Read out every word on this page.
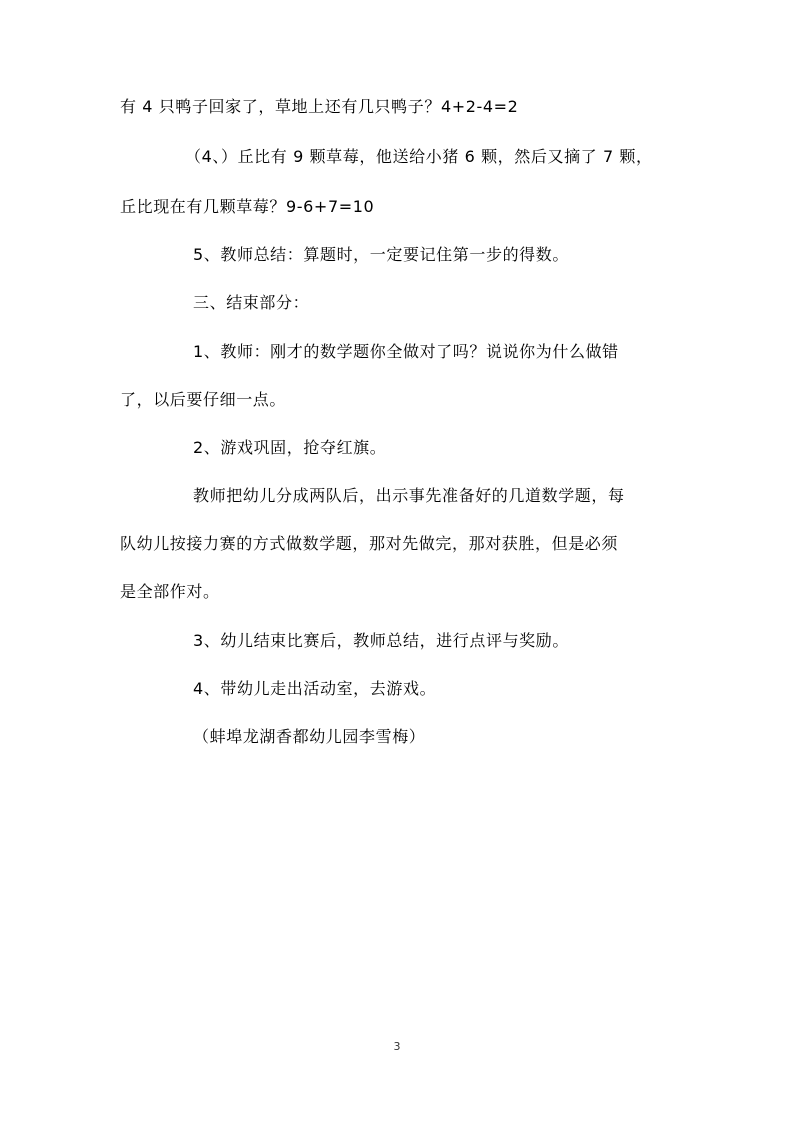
有 4 只鸭子回家了，草地上还有几只鸭子？4+2-4=2
（4、）丘比有 9 颗草莓，他送给小猪 6 颗，然后又摘了 7 颗，
丘比现在有几颗草莓？9-6+7=10
5、教师总结：算题时，一定要记住第一步的得数。
三、结束部分：
1、教师：刚才的数学题你全做对了吗？说说你为什么做错
了，以后要仔细一点。
2、游戏巩固，抢夺红旗。
教师把幼儿分成两队后，出示事先准备好的几道数学题，每
队幼儿按接力赛的方式做数学题，那对先做完，那对获胜，但是必须
是全部作对。
3、幼儿结束比赛后，教师总结，进行点评与奖励。
4、带幼儿走出活动室，去游戏。
（蚌埠龙湖香都幼儿园李雪梅）
3
